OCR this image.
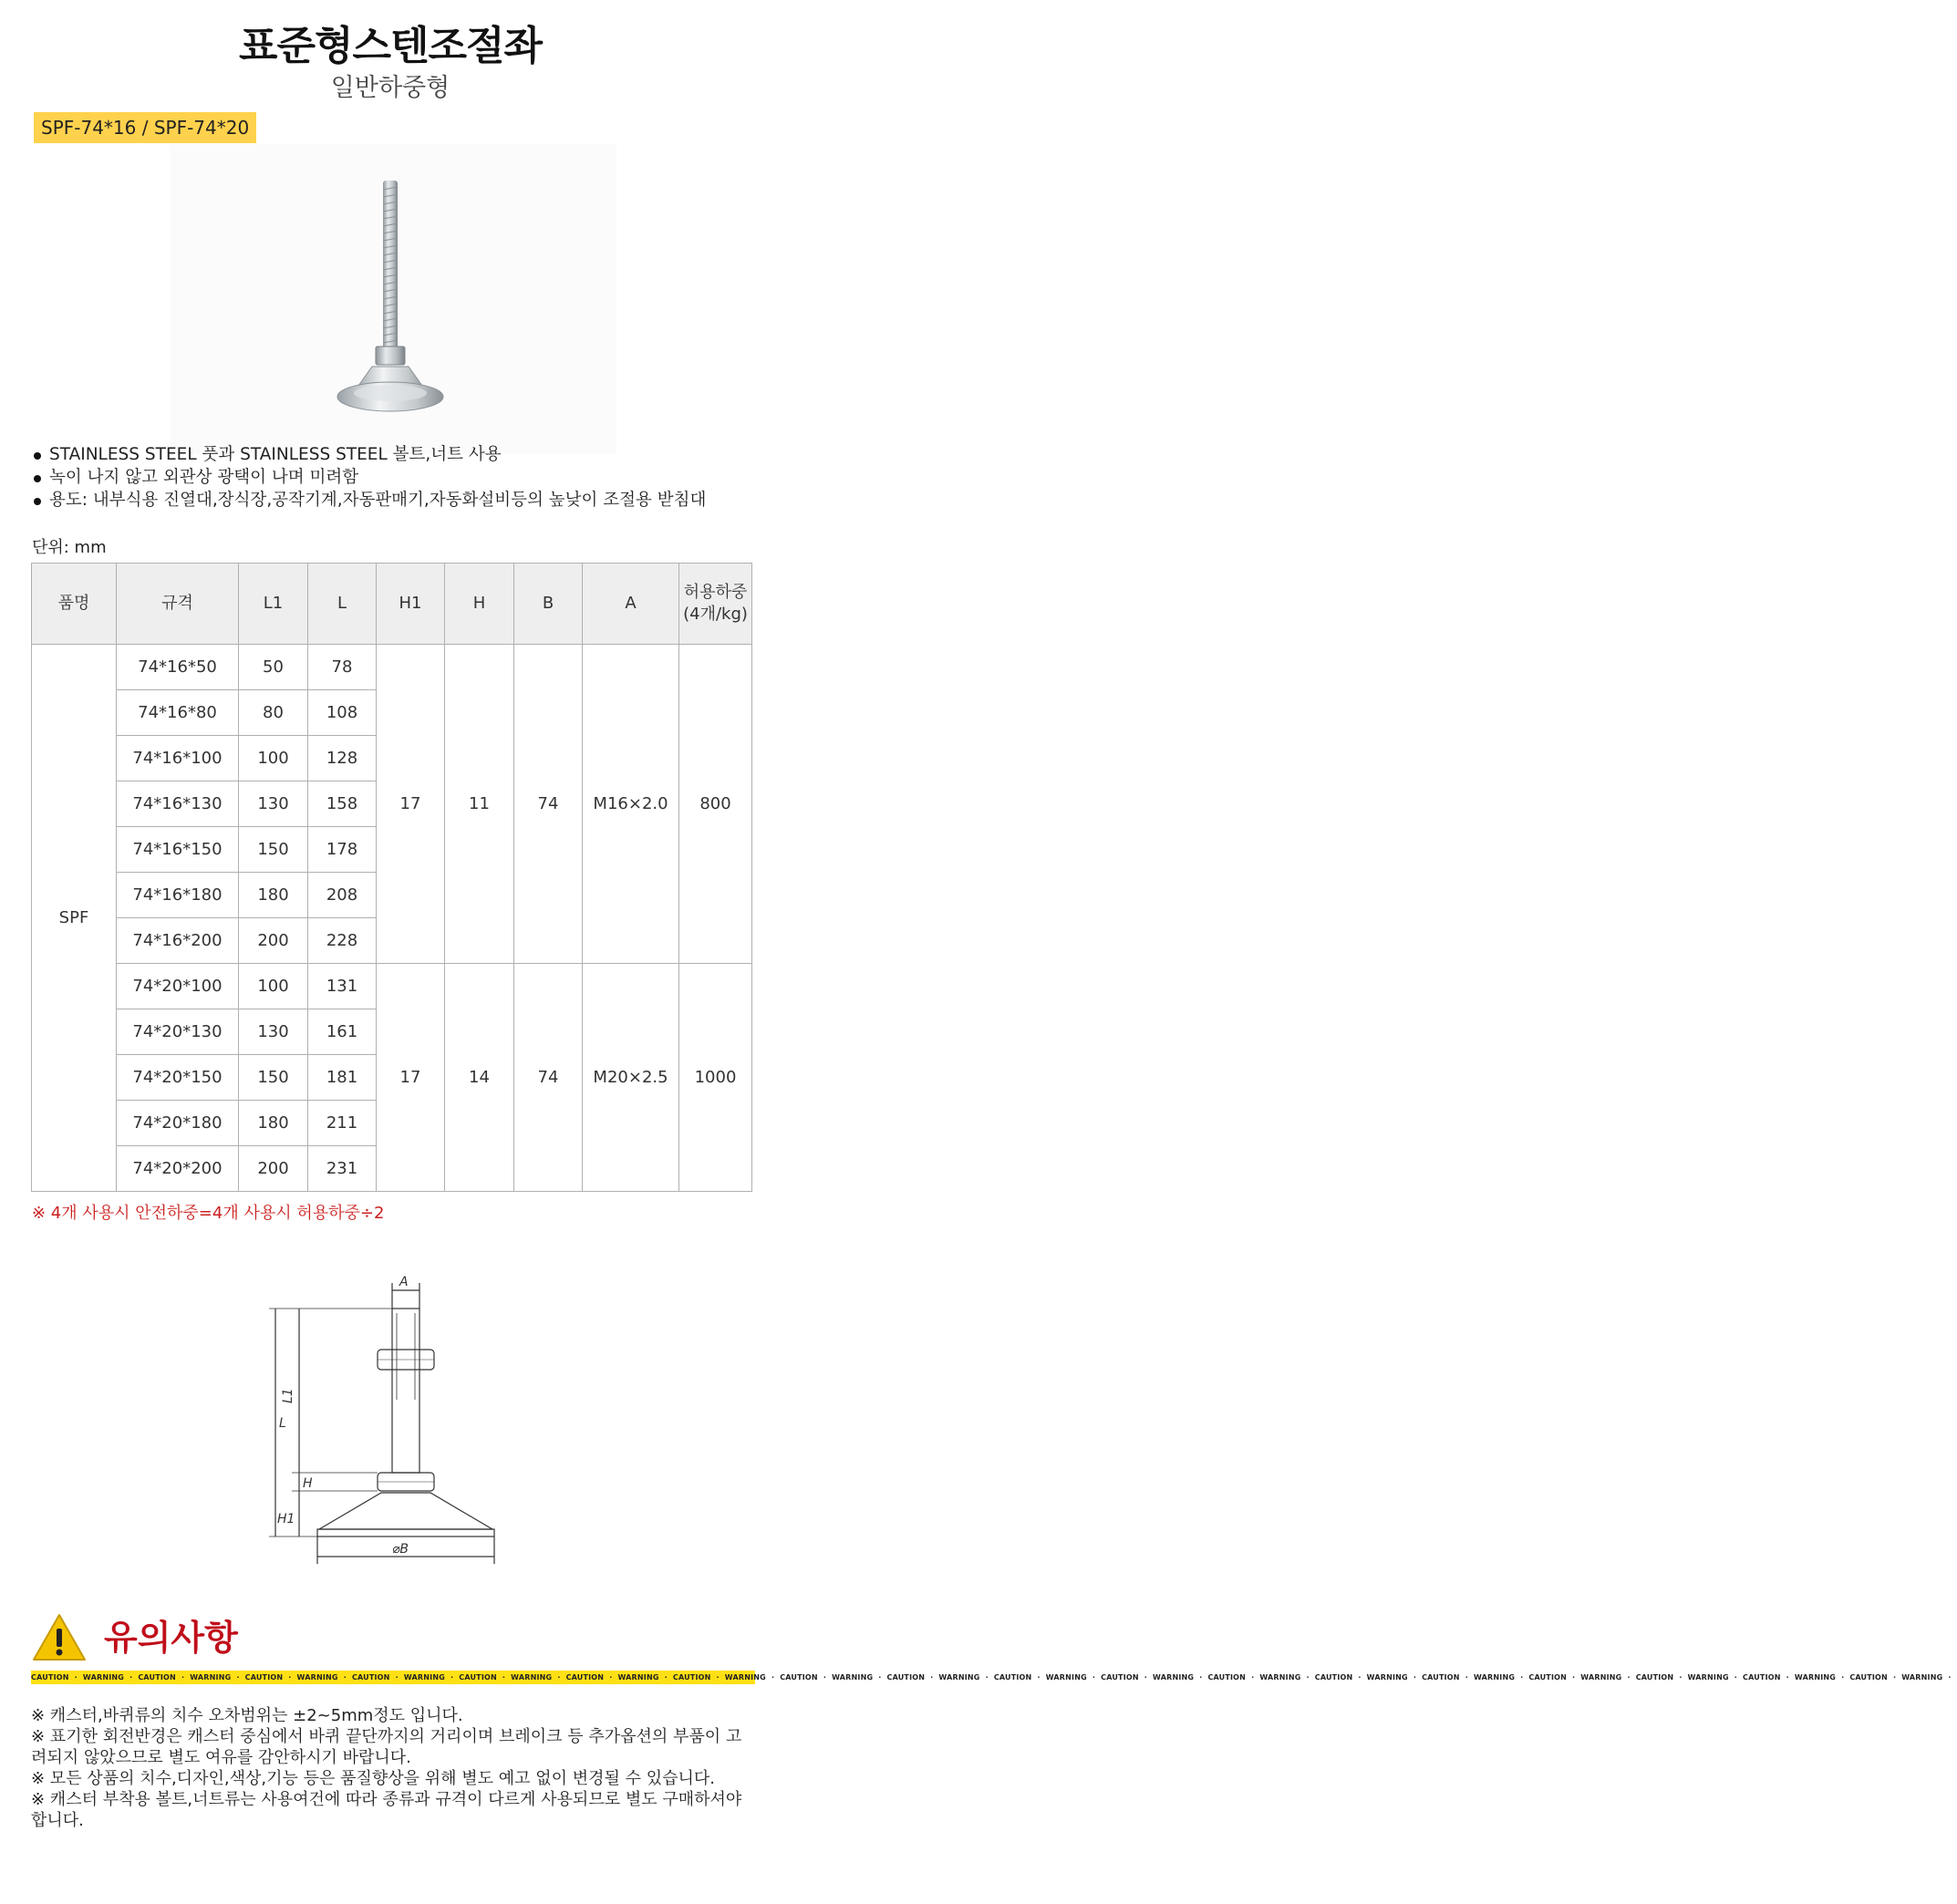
표준형스텐조절좌
일반하중형
SPF-74*16 / SPF-74*20
STAINLESS STEEL 풋과 STAINLESS STEEL 볼트,너트 사용
녹이 나지 않고 외관상 광택이 나며 미려함
용도: 내부식용 진열대,장식장,공작기계,자동판매기,자동화설비등의 높낮이 조절용 받침대
단위: mm
품명	규격	L1	L	H1	H	B	A	허용하중
(4개/kg)
SPF	74*16*50	50	78	17	11	74	M16×2.0	800
	74*16*80	80	108					
	74*16*100	100	128					
	74*16*130	130	158					
	74*16*150	150	178					
	74*16*180	180	208					
	74*16*200	200	228					
	74*20*100	100	131	17	14	74	M20×2.5	1000
	74*20*130	130	161					
	74*20*150	150	181					
	74*20*180	180	211					
	74*20*200	200	231					
※ 4개 사용시 안전하중=4개 사용시 허용하중÷2
A
L
L1
H
H1
⌀B
유의사항
CAUTION · WARNING · CAUTION · WARNING · CAUTION · WARNING · CAUTION · WARNING · CAUTION · WARNING · CAUTION · WARNING · CAUTION · WARNING · CAUTION · WARNING · CAUTION · WARNING · CAUTION · WARNING · CAUTION · WARNING · CAUTION · WARNING · CAUTION · WARNING · CAUTION · WARNING · CAUTION · WARNING · CAUTION · WARNING · CAUTION · WARNING · CAUTION · WARNING ·

※ 캐스터,바퀴류의 치수 오차범위는 ±2~5mm정도 입니다.

※ 표기한 회전반경은 캐스터 중심에서 바퀴 끝단까지의 거리이며 브레이크 등 추가옵션의 부품이 고

려되지 않았으므로 별도 여유를 감안하시기 바랍니다.

※ 모든 상품의 치수,디자인,색상,기능 등은 품질향상을 위해 별도 예고 없이 변경될 수 있습니다.

※ 캐스터 부착용 볼트,너트류는 사용여건에 따라 종류과 규격이 다르게 사용되므로 별도 구매하셔야

합니다.
